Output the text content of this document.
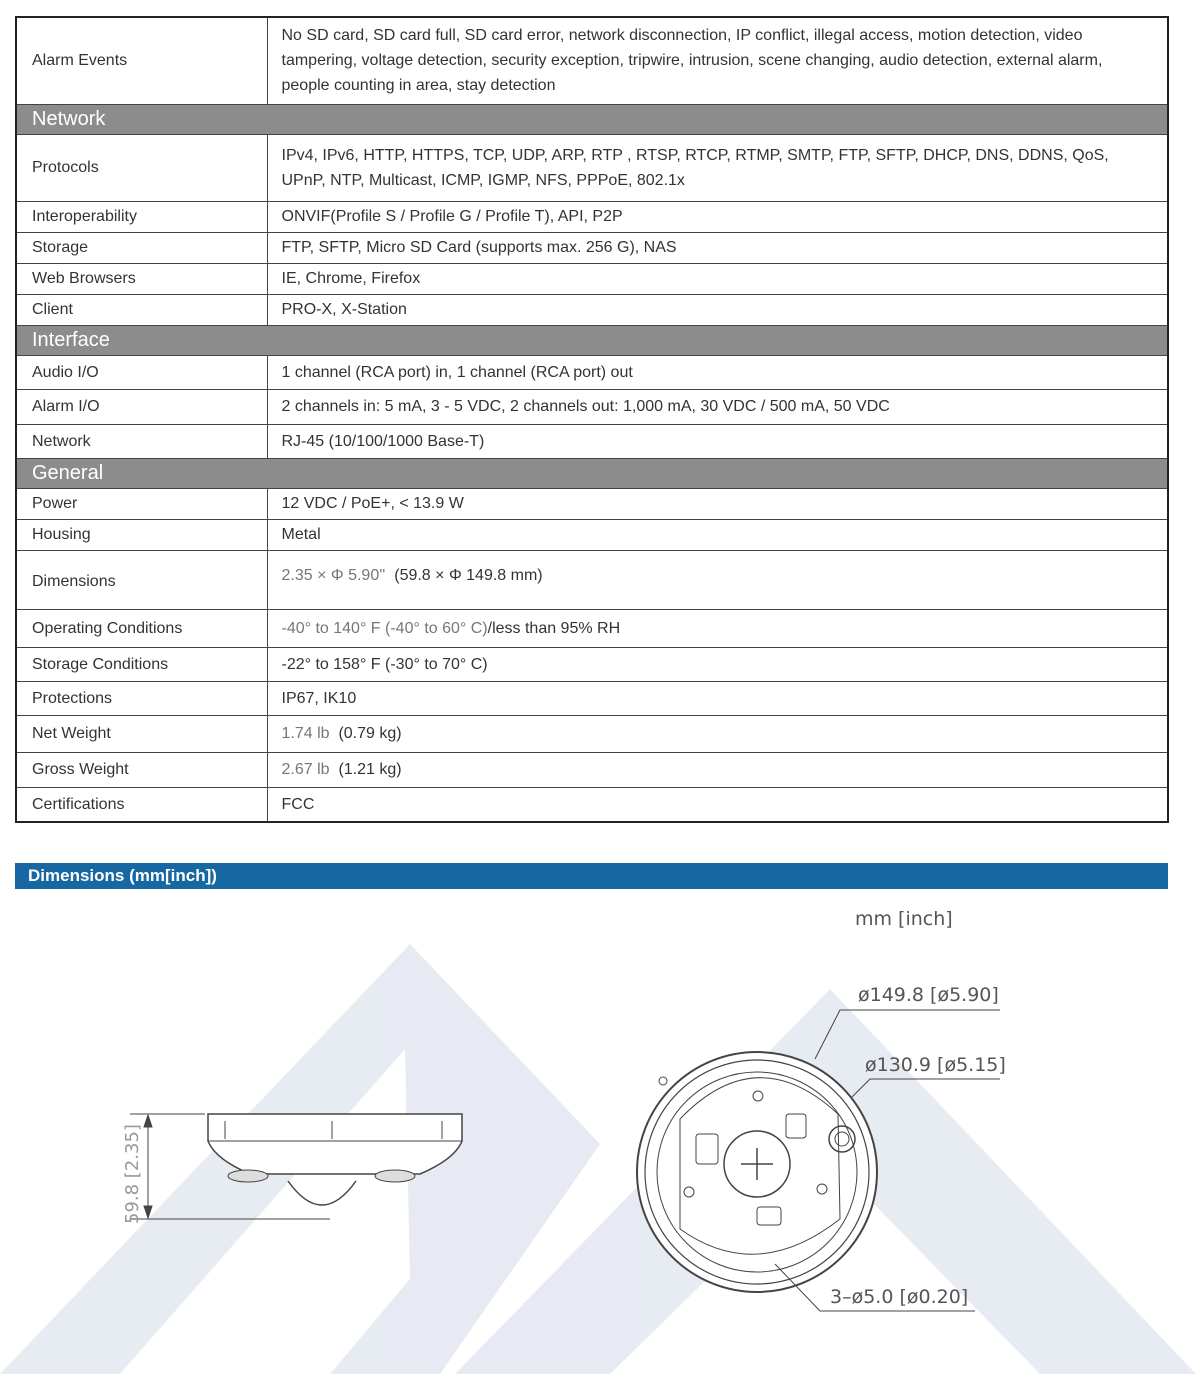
Alarm Events	No SD card, SD card full, SD card error, network disconnection, IP conflict, illegal access, motion detection, video tampering, voltage detection, security exception, tripwire, intrusion, scene changing, audio detection, external alarm, people counting in area, stay detection
Network	
Protocols	IPv4, IPv6, HTTP, HTTPS, TCP, UDP, ARP, RTP , RTSP, RTCP, RTMP, SMTP, FTP, SFTP, DHCP, DNS, DDNS, QoS, UPnP, NTP, Multicast, ICMP, IGMP, NFS, PPPoE, 802.1x
Interoperability	ONVIF(Profile S / Profile G / Profile T), API, P2P
Storage	FTP, SFTP, Micro SD Card (supports max. 256 G), NAS
Web Browsers	IE, Chrome, Firefox
Client	PRO-X, X-Station
Interface	
Audio I/O	1 channel (RCA port) in, 1 channel (RCA port) out
Alarm I/O	2 channels in: 5 mA, 3 - 5 VDC, 2 channels out: 1,000 mA, 30 VDC / 500 mA, 50 VDC
Network	RJ-45 (10/100/1000 Base-T)
General	
Power	12 VDC / PoE+, < 13.9 W
Housing	Metal
Dimensions	2.35 × Φ 5.90'' (59.8 × Φ 149.8 mm)
Operating Conditions	-40° to 140° F (-40° to 60° C)/less than 95% RH
Storage Conditions	-22° to 158° F (-30° to 70° C)
Protections	IP67, IK10
Net Weight	1.74 lb (0.79 kg)
Gross Weight	2.67 lb (1.21 kg)
Certifications	FCC
Dimensions (mm[inch])
mm [inch]
59.8 [2.35]
ø149.8 [ø5.90]
ø130.9 [ø5.15]
3–ø5.0 [ø0.20]
